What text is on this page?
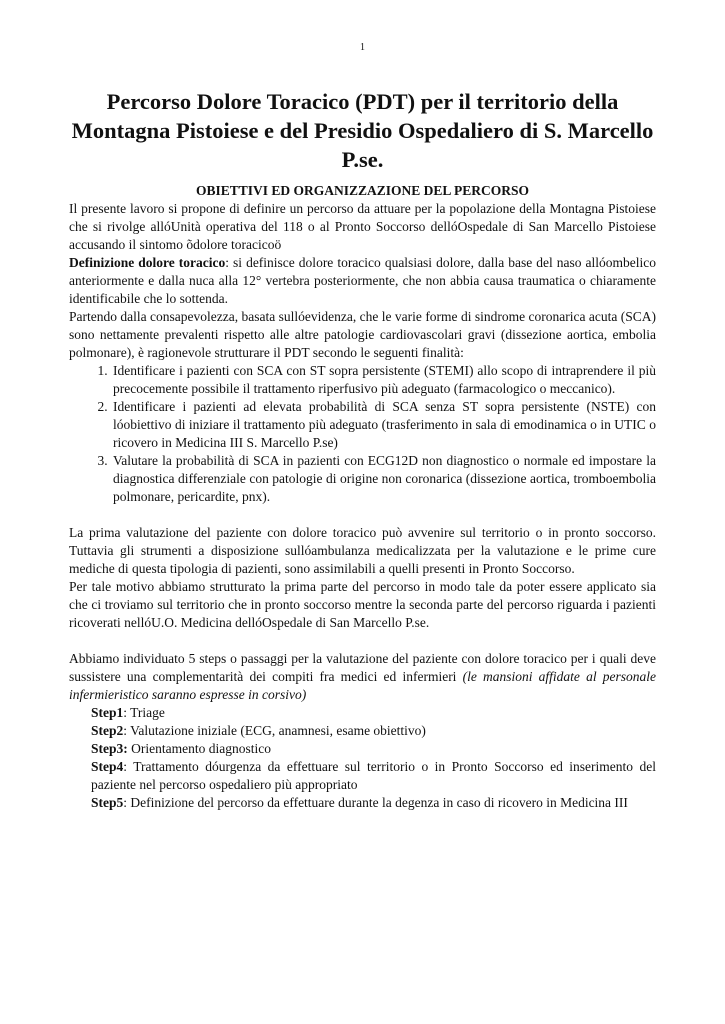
1
Percorso Dolore Toracico (PDT) per il territorio della Montagna Pistoiese e del Presidio Ospedaliero di S. Marcello P.se.
OBIETTIVI ED ORGANIZZAZIONE DEL PERCORSO

Il presente lavoro si propone di definire un percorso da attuare per la popolazione della Montagna Pistoiese che si rivolge allóUnità operativa del 118 o al Pronto Soccorso dellóOspedale di San Marcello Pistoiese accusando il sintomo õdolore toracicoö

Definizione dolore toracico: si definisce dolore toracico qualsiasi dolore, dalla base del naso allóombelico anteriormente e dalla nuca alla 12° vertebra posteriormente, che non abbia causa traumatica o chiaramente identificabile che lo sottenda.

Partendo dalla consapevolezza, basata sullóevidenza, che le varie forme di sindrome coronarica acuta (SCA) sono nettamente prevalenti rispetto alle altre patologie cardiovascolari gravi (dissezione aortica, embolia polmonare), è ragionevole strutturare il PDT secondo le seguenti finalità:

1. Identificare i pazienti con SCA con ST sopra persistente (STEMI) allo scopo di intraprendere il più precocemente possibile il trattamento riperfusivo più adeguato (farmacologico o meccanico).
2. Identificare i pazienti ad elevata probabilità di SCA senza ST sopra persistente (NSTE) con lóobiettivo di iniziare il trattamento più adeguato (trasferimento in sala di emodinamica o in UTIC o ricovero in Medicina III S. Marcello P.se)
3. Valutare la probabilità di SCA in pazienti con ECG12D non diagnostico o normale ed impostare la diagnostica differenziale con patologie di origine non coronarica (dissezione aortica, tromboembolia polmonare, pericardite, pnx).

La prima valutazione del paziente con dolore toracico può avvenire sul territorio o in pronto soccorso. Tuttavia gli strumenti a disposizione sullóambulanza medicalizzata per la valutazione e le prime cure mediche di questa tipologia di pazienti, sono assimilabili a quelli presenti in Pronto Soccorso.

Per tale motivo abbiamo strutturato la prima parte del percorso in modo tale da poter essere applicato sia che ci troviamo sul territorio che in pronto soccorso mentre la seconda parte del percorso riguarda i pazienti ricoverati nellóU.O. Medicina dellóOspedale di San Marcello P.se.

Abbiamo individuato 5 steps o passaggi per la valutazione del paziente con dolore toracico per i quali deve sussistere una complementarità dei compiti fra medici ed infermieri (le mansioni affidate al personale infermieristico saranno espresse in corsivo)

Step1: Triage
Step2: Valutazione iniziale (ECG, anamnesi, esame obiettivo)
Step3: Orientamento diagnostico
Step4: Trattamento dóurgenza da effettuare sul territorio o in Pronto Soccorso ed inserimento del paziente nel percorso ospedaliero più appropriato
Step5: Definizione del percorso da effettuare durante la degenza in caso di ricovero in Medicina III
